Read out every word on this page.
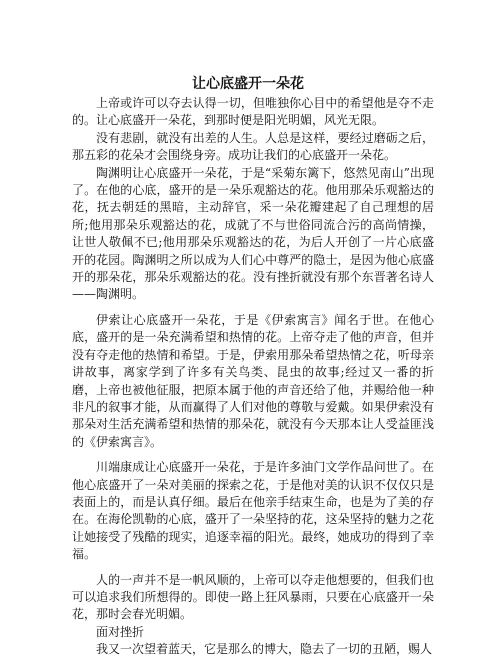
让心底盛开一朵花

上帝或许可以夺去认得一切，但唯独你心目中的希望他是夺不走的。让心底盛开一朵花，到那时便是阳光明媚，风光无限。

没有悲剧，就没有出差的人生。人总是这样，要经过磨砺之后，那五彩的花朵才会围绕身旁。成功让我们的心底盛开一朵花。

陶渊明让心底盛开一朵花，于是“采菊东篱下，悠然见南山”出现了。在他的心底，盛开的是一朵乐观豁达的花。他用那朵乐观豁达的花，抚去朝廷的黑暗，主动辞官，采一朵花瓣建起了自己理想的居所;他用那朵乐观豁达的花，成就了不与世俗同流合污的高尚情操，让世人敬佩不已;他用那朵乐观豁达的花，为后人开创了一片心底盛开的花园。陶渊明之所以成为人们心中尊严的隐士，是因为他心底盛开的那朵花，那朵乐观豁达的花。没有挫折就没有那个东晋著名诗人——陶渊明。

伊索让心底盛开一朵花，于是《伊索寓言》闻名于世。在他心底，盛开的是一朵充满希望和热情的花。上帝夺走了他的声音，但并没有夺走他的热情和希望。于是，伊索用那朵希望热情之花，听母亲讲故事，离家学到了许多有关鸟类、昆虫的故事;经过又一番的折磨，上帝也被他征服，把原本属于他的声音还给了他，并赐给他一种非凡的叙事才能，从而赢得了人们对他的尊敬与爱戴。如果伊索没有那朵对生活充满希望和热情的那朵花，就没有今天那本让人受益匪浅的《伊索寓言》。

川端康成让心底盛开一朵花，于是许多油门文学作品问世了。在他心底盛开了一朵对美丽的探索之花，于是他对美的认识不仅仅只是表面上的，而是认真仔细。最后在他亲手结束生命，也是为了美的存在。在海伦凯勒的心底，盛开了一朵坚持的花，这朵坚持的魅力之花让她接受了残酷的现实，追逐幸福的阳光。最终，她成功的得到了幸福。

人的一声并不是一帆风顺的，上帝可以夺走他想要的，但我们也可以追求我们所想得的。即使一路上狂风暴雨，只要在心底盛开一朵花，那时会春光明媚。

面对挫折

我又一次望着蓝天，它是那么的博大，隐去了一切的丑陋，赐人
